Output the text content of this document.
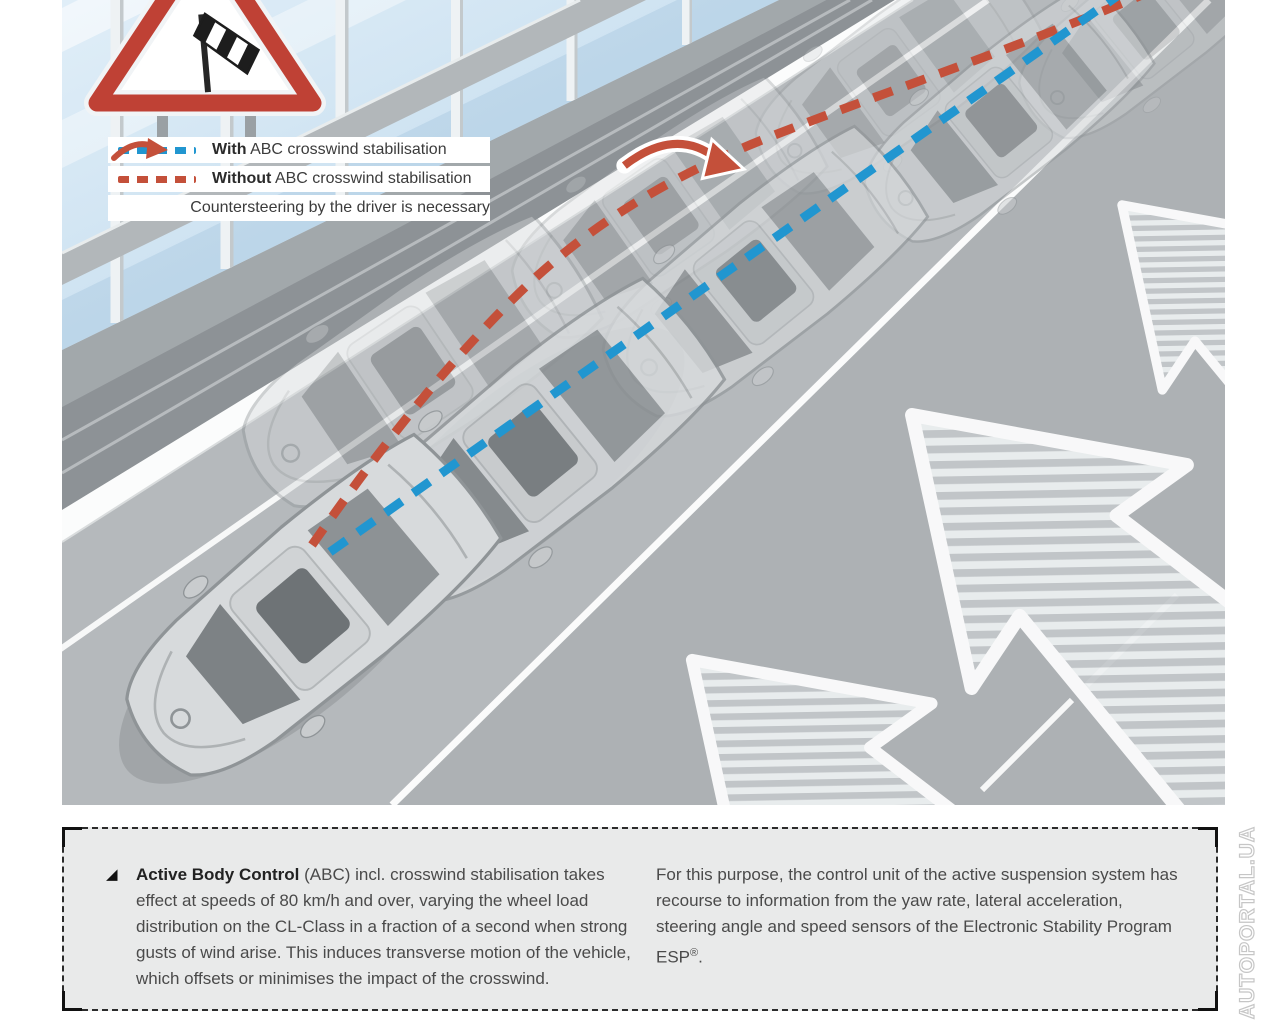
With ABC crosswind stabilisation
Without ABC crosswind stabilisation
Countersteering by the driver is necessary
◢ Active Body Control (ABC) incl. crosswind stabilisation takes effect at speeds of 80 km/h and over, varying the wheel load distribution on the CL-Class in a fraction of a second when strong gusts of wind arise. This induces transverse motion of the vehicle, which offsets or minimises the impact of the crosswind.

For this purpose, the control unit of the active suspension system has recourse to information from the yaw rate, lateral acceleration, steering angle and speed sensors of the Electronic Stability Program ESP®.	AUTOPORTAL.UA
